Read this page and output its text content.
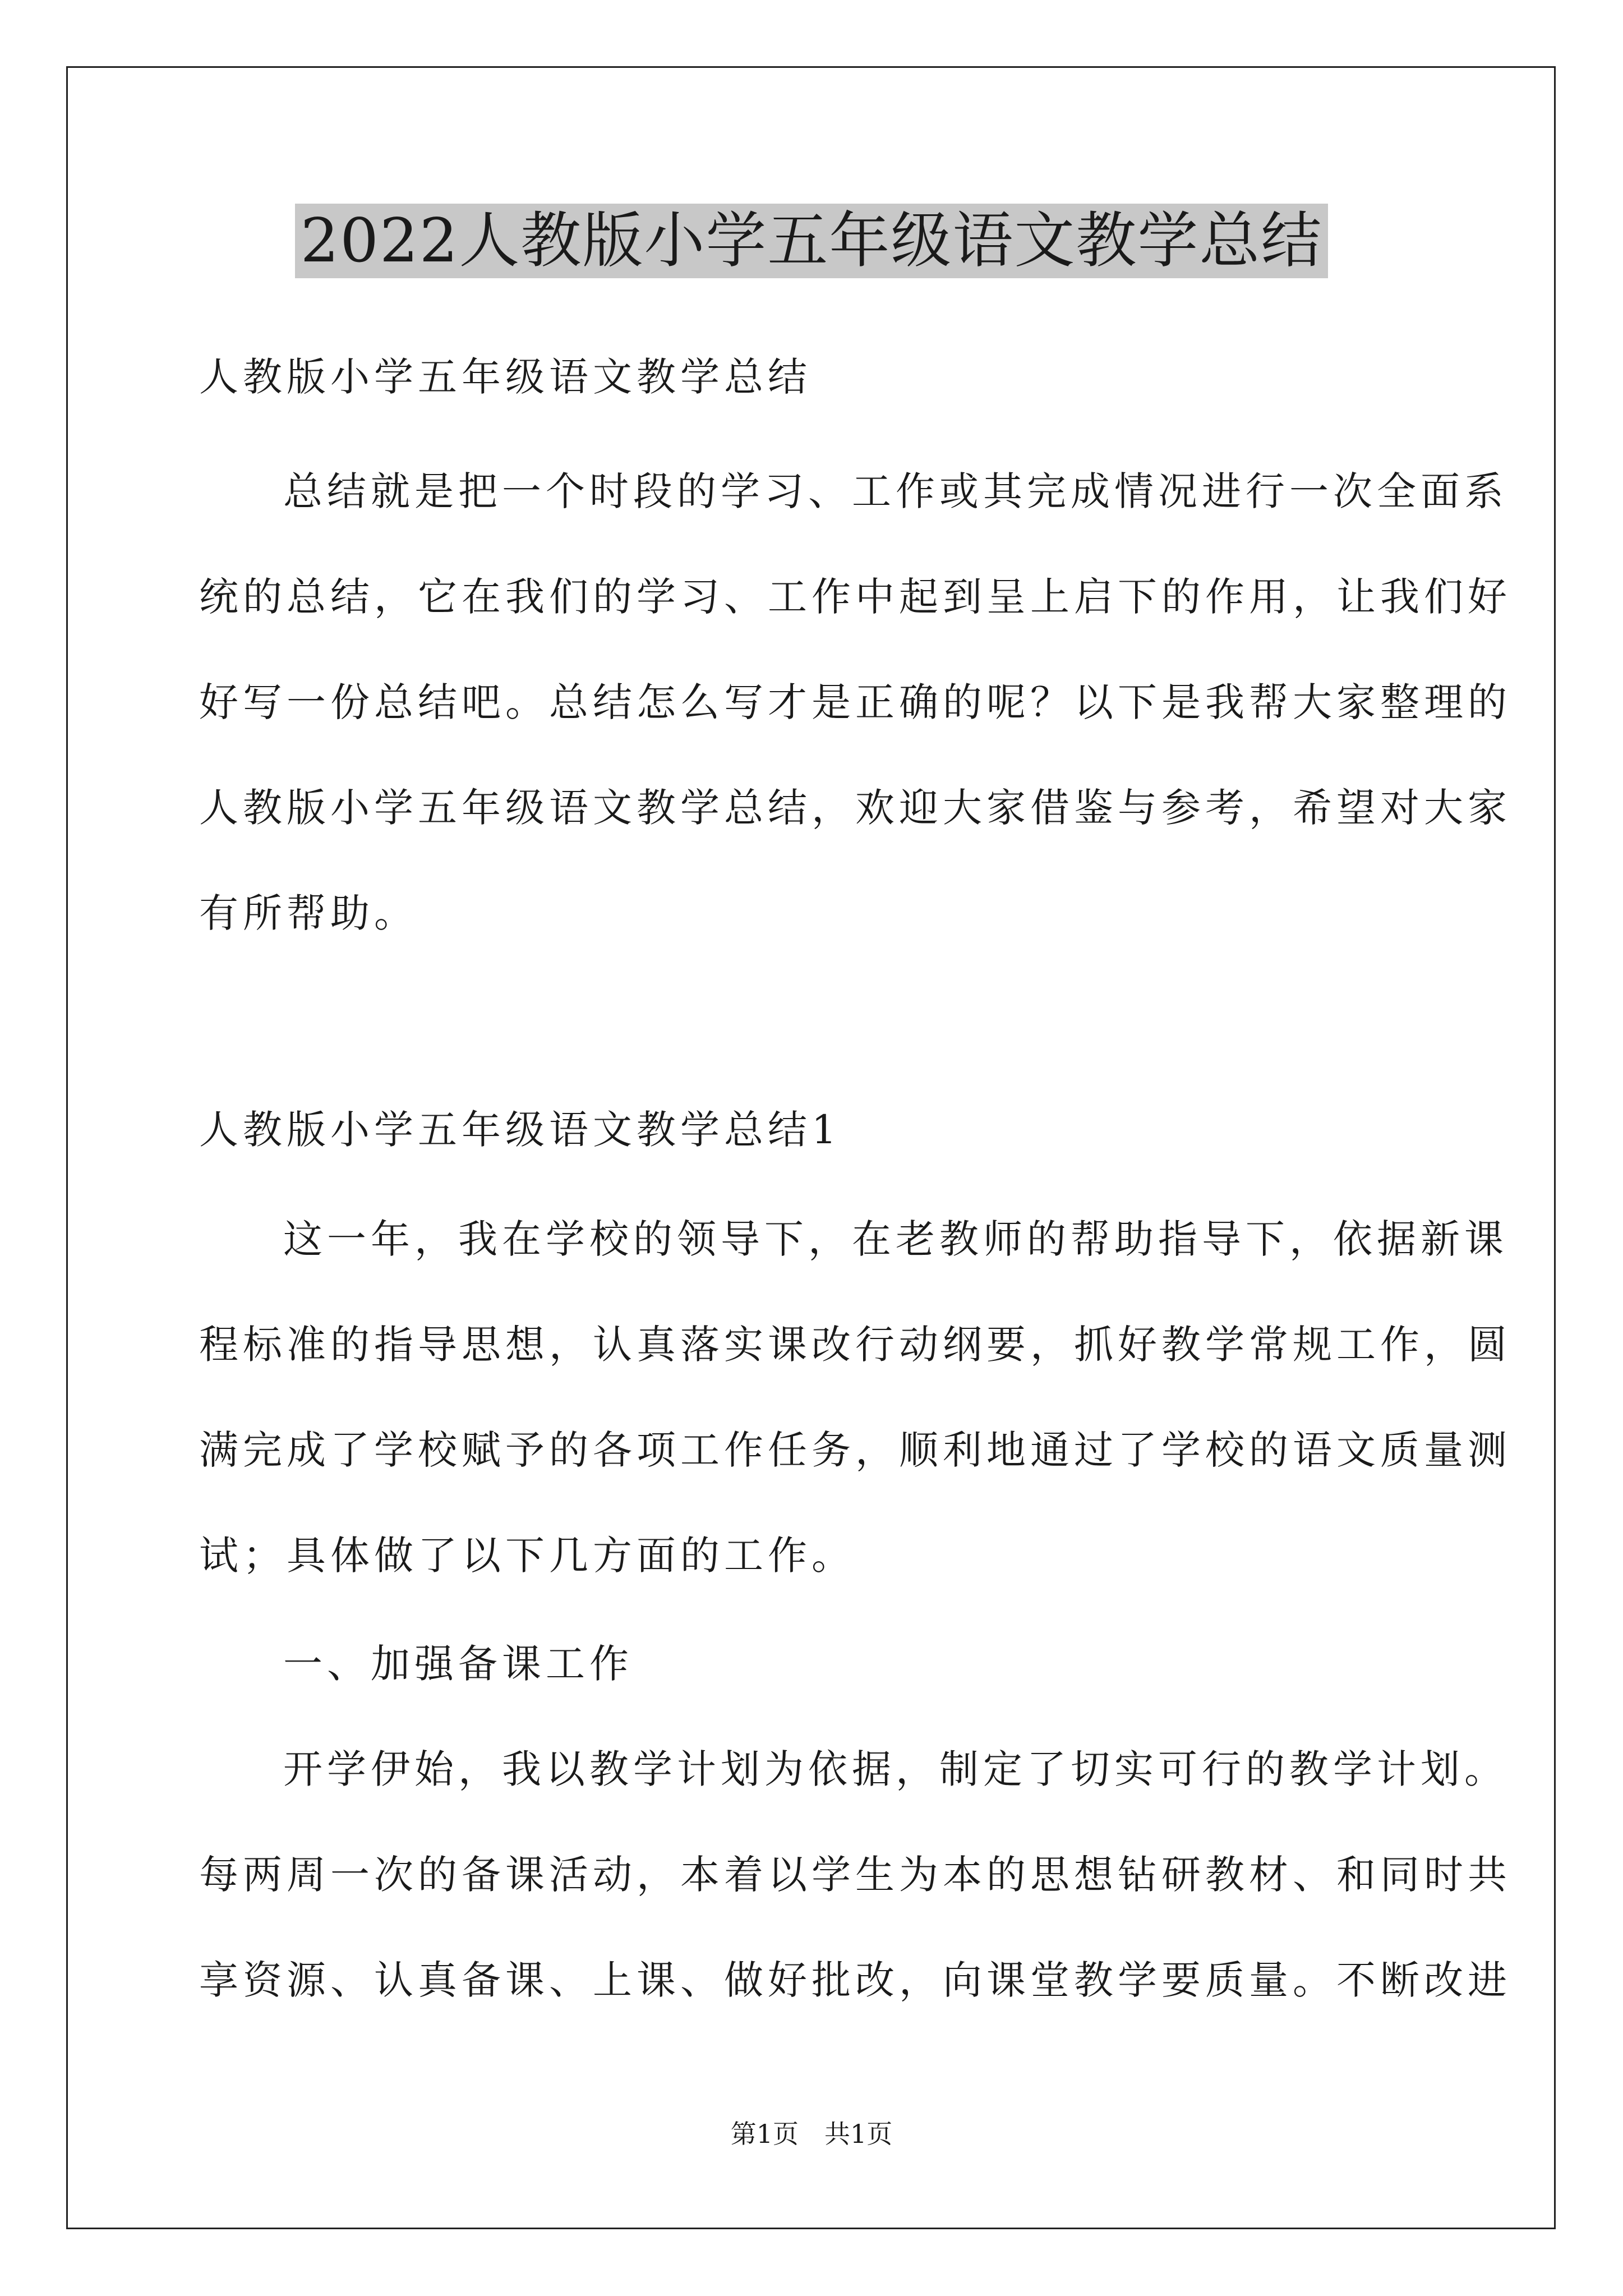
2022人教版小学五年级语文教学总结
人教版小学五年级语文教学总结
总结就是把一个时段的学习、工作或其完成情况进行一次全面系
统的总结，它在我们的学习、工作中起到呈上启下的作用，让我们好
好写一份总结吧。总结怎么写才是正确的呢？以下是我帮大家整理的
人教版小学五年级语文教学总结，欢迎大家借鉴与参考，希望对大家
有所帮助。
人教版小学五年级语文教学总结1
这一年，我在学校的领导下，在老教师的帮助指导下，依据新课
程标准的指导思想，认真落实课改行动纲要，抓好教学常规工作，圆
满完成了学校赋予的各项工作任务，顺利地通过了学校的语文质量测
试；具体做了以下几方面的工作。
一、加强备课工作
开学伊始，我以教学计划为依据，制定了切实可行的教学计划。
每两周一次的备课活动，本着以学生为本的思想钻研教材、和同时共
享资源、认真备课、上课、做好批改，向课堂教学要质量。不断改进
第1页 共1页
